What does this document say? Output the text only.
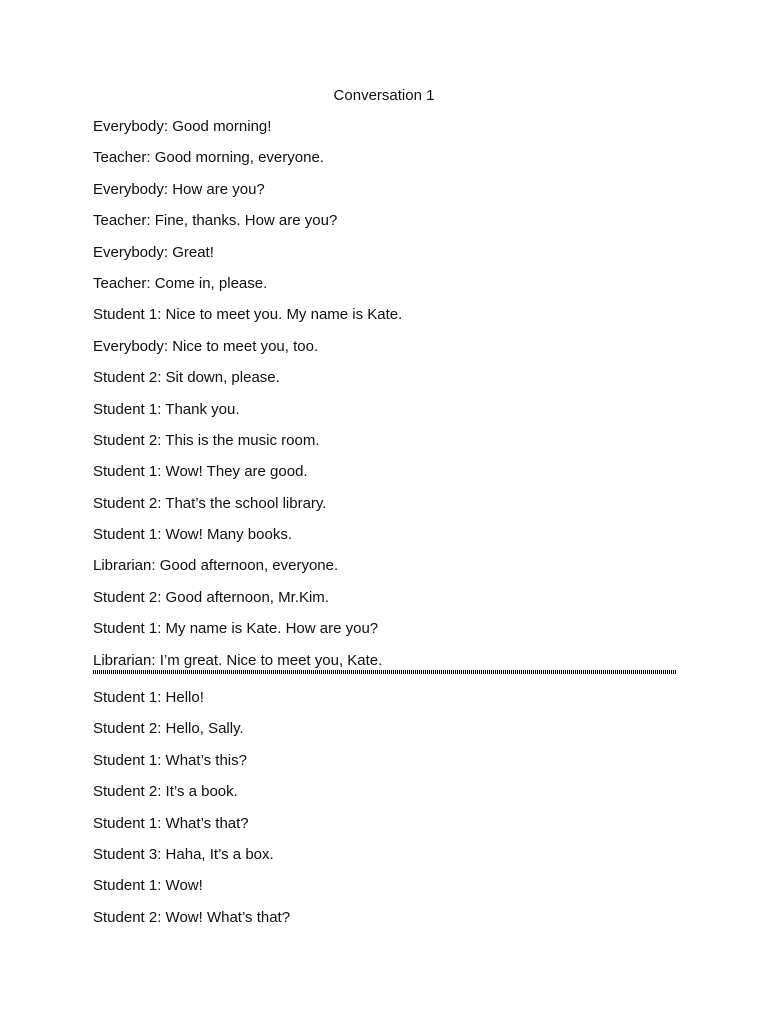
Conversation 1
Everybody: Good morning!
Teacher: Good morning, everyone.
Everybody: How are you?
Teacher: Fine, thanks. How are you?
Everybody: Great!
Teacher: Come in, please.
Student 1: Nice to meet you. My name is Kate.
Everybody: Nice to meet you, too.
Student 2: Sit down, please.
Student 1: Thank you.
Student 2: This is the music room.
Student 1: Wow! They are good.
Student 2: That’s the school library.
Student 1: Wow! Many books.
Librarian: Good afternoon, everyone.
Student 2: Good afternoon, Mr.Kim.
Student 1: My name is Kate. How are you?
Librarian: I’m great. Nice to meet you, Kate.
Student 1: Hello!
Student 2: Hello, Sally.
Student 1: What’s this?
Student 2: It’s a book.
Student 1: What’s that?
Student 3: Haha, It’s a box.
Student 1: Wow!
Student 2: Wow! What’s that?
